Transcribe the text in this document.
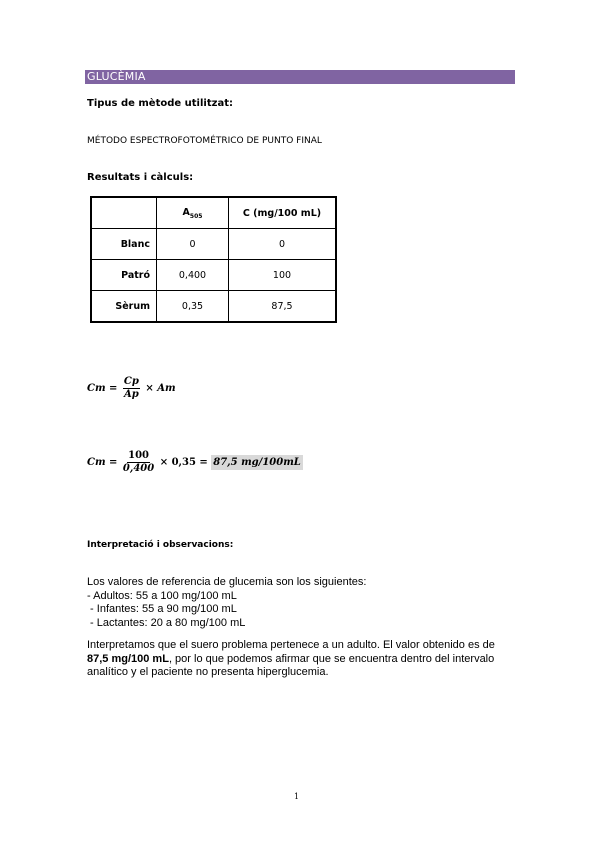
GLUCÈMIA
Tipus de mètode utilitzat:
MÉTODO ESPECTROFOTOMÉTRICO DE PUNTO FINAL
Resultats i càlculs:
	$A_{505}$	C (mg/100 mL)
Blanc	0	0
Patró	0,400	100
Sèrum	0,35	87,5
$Cm = \frac{Cp}{Ap} \times Am$
$Cm = \frac{100}{0,400} \times 0,35 = 87,5$ mg/100mL
Interpretació i observacions:
Los valores de referencia de glucemia son los siguientes:
- Adultos: 55 a 100 mg/100 mL
- Infantes: 55 a 90 mg/100 mL
- Lactantes: 20 a 80 mg/100 mL
Interpretamos que el suero problema pertenece a un adulto. El valor obtenido es de
87,5 mg/100 mL, por lo que podemos afirmar que se encuentra dentro del intervalo analítico y el paciente no presenta hiperglucemia.
1
